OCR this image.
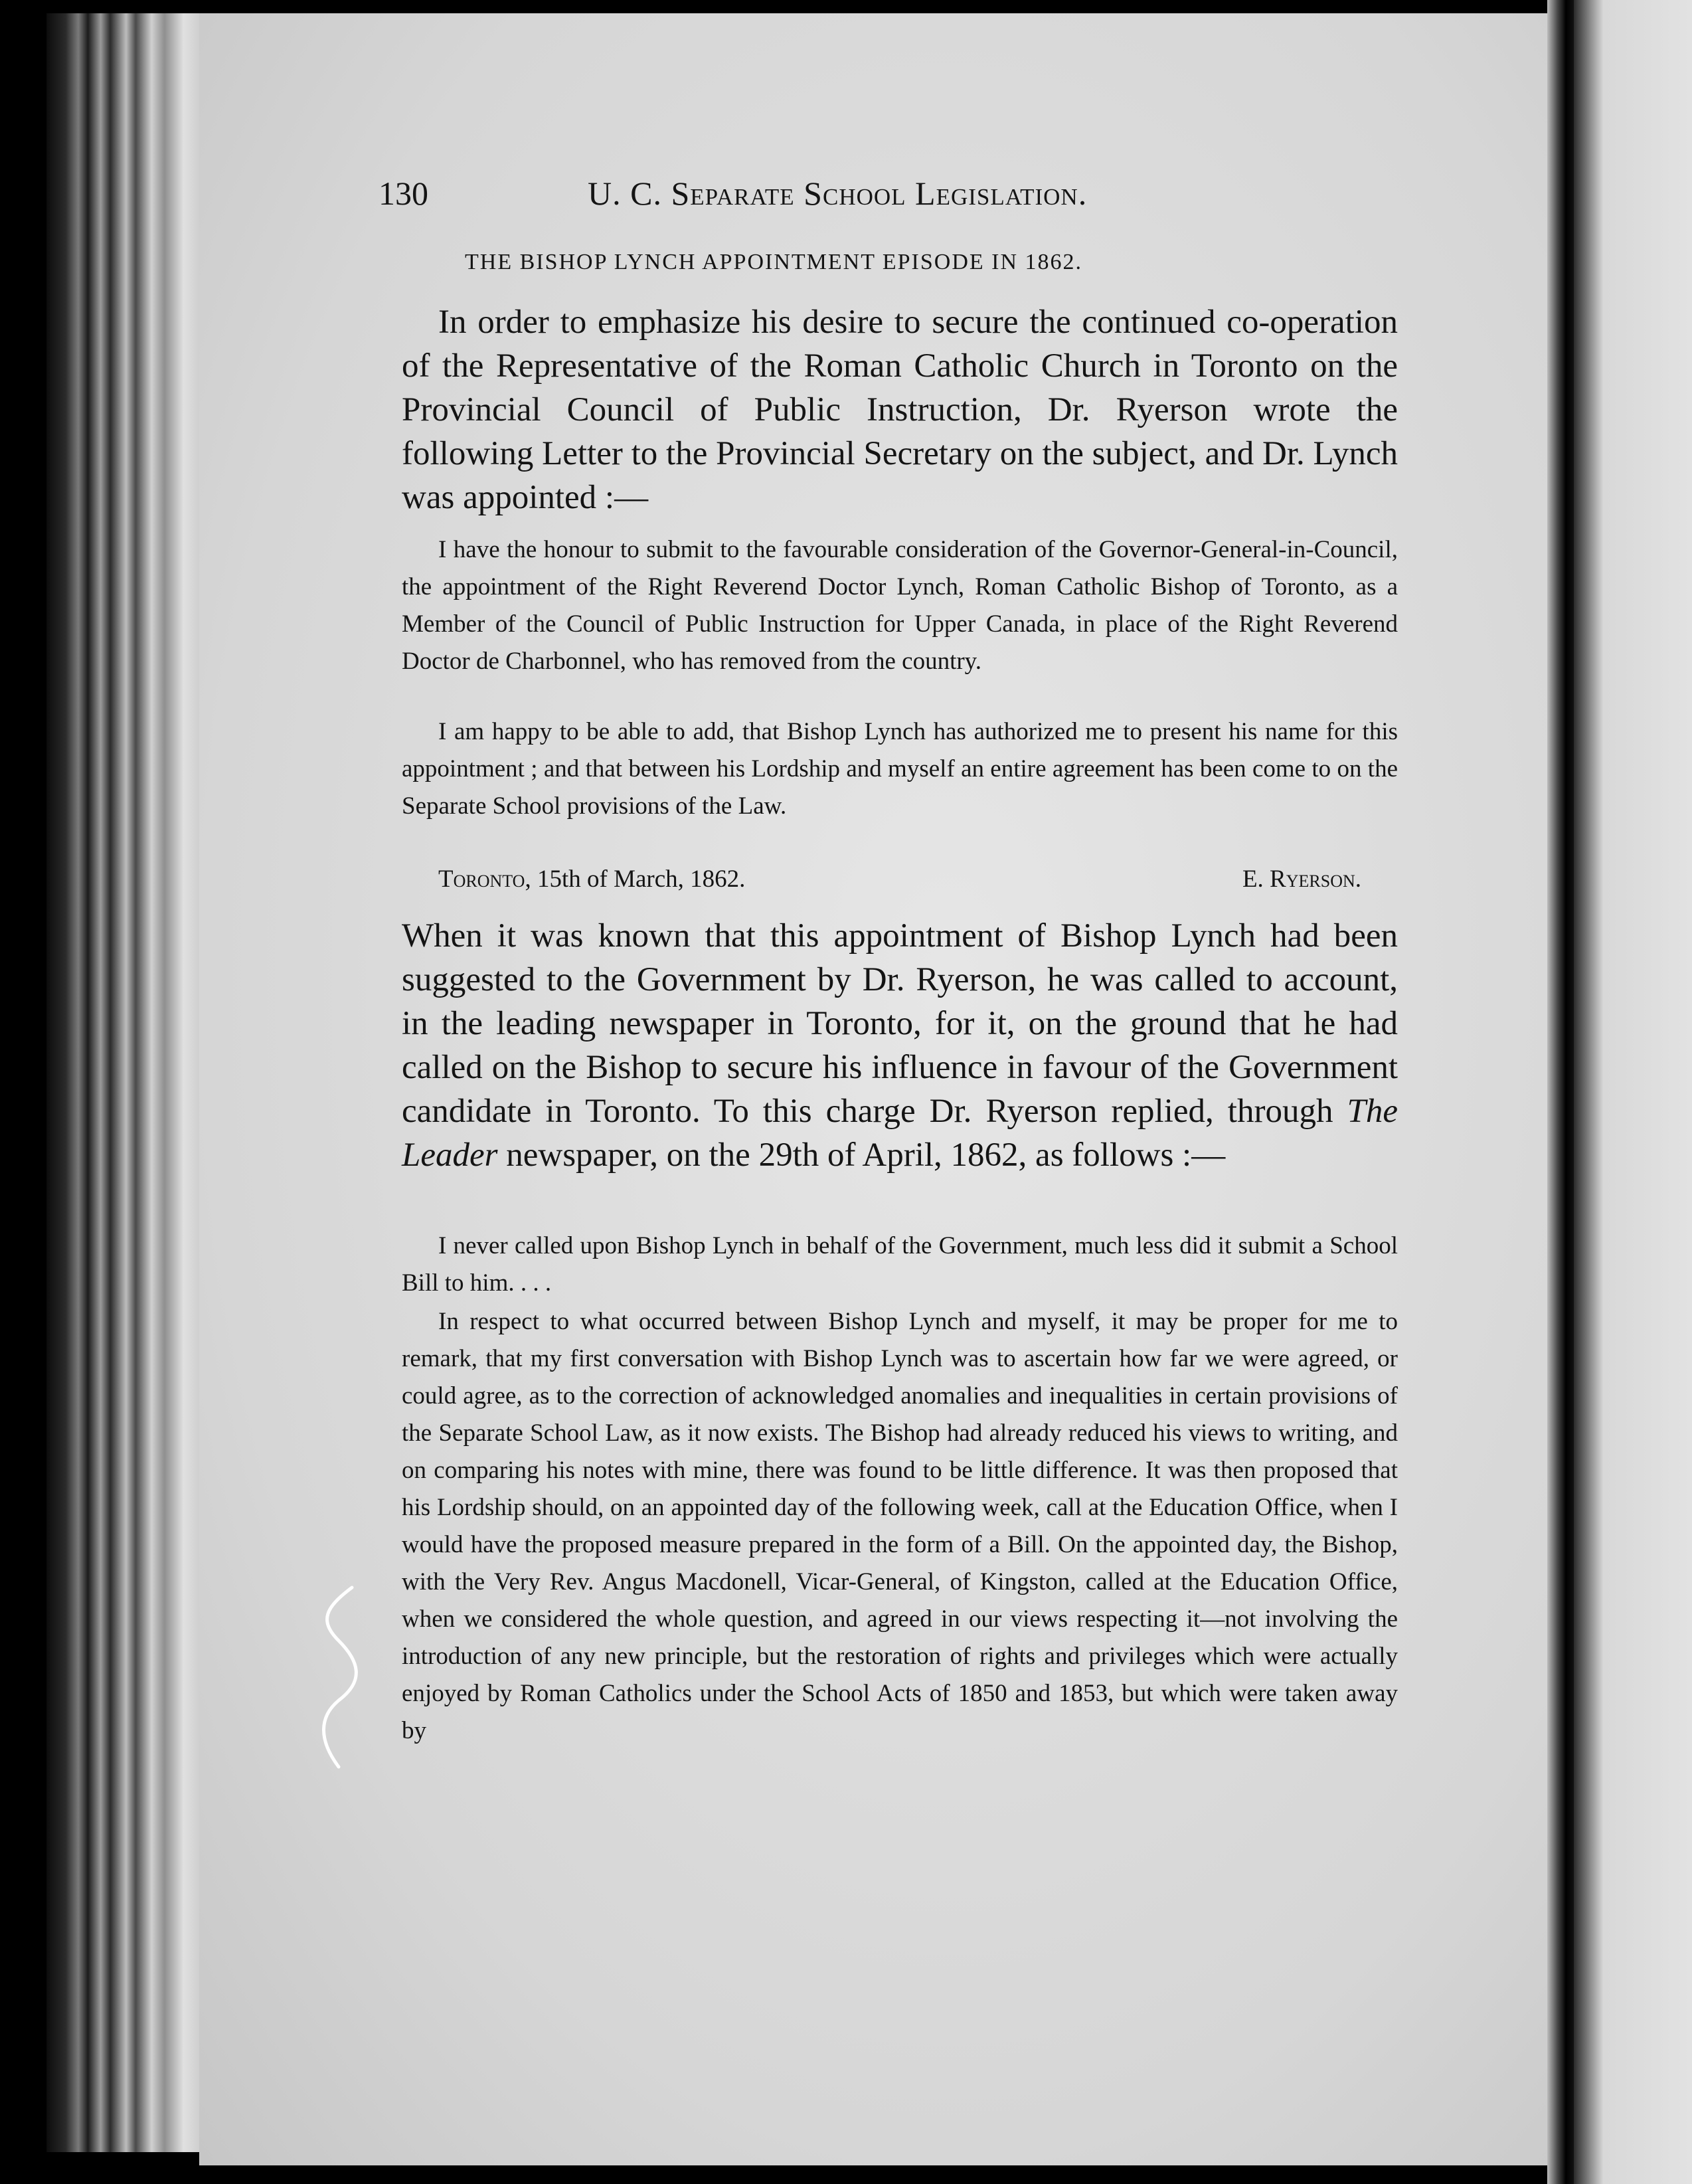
130	U. C. Separate School Legislation.
THE BISHOP LYNCH APPOINTMENT EPISODE IN 1862.
In order to emphasize his desire to secure the continued co-operation of the Representative of the Roman Catholic Church in Toronto on the Provincial Council of Public Instruction, Dr. Ryerson wrote the following Letter to the Provincial Secretary on the subject, and Dr. Lynch was appointed :—
I have the honour to submit to the favourable consideration of the Governor-General-in-Council, the appointment of the Right Reverend Doctor Lynch, Roman Catholic Bishop of Toronto, as a Member of the Council of Public Instruction for Upper Canada, in place of the Right Reverend Doctor de Charbonnel, who has removed from the country.
I am happy to be able to add, that Bishop Lynch has authorized me to present his name for this appointment ; and that between his Lordship and myself an entire agreement has been come to on the Separate School provisions of the Law.
Toronto, 15th of March, 1862.	E. Ryerson.
When it was known that this appointment of Bishop Lynch had been suggested to the Government by Dr. Ryerson, he was called to account, in the leading newspaper in Toronto, for it, on the ground that he had called on the Bishop to secure his influence in favour of the Government candidate in Toronto. To this charge Dr. Ryerson replied, through The Leader newspaper, on the 29th of April, 1862, as follows :—
I never called upon Bishop Lynch in behalf of the Government, much less did it submit a School Bill to him. . . .
In respect to what occurred between Bishop Lynch and myself, it may be proper for me to remark, that my first conversation with Bishop Lynch was to ascertain how far we were agreed, or could agree, as to the correction of acknowledged anomalies and inequalities in certain provisions of the Separate School Law, as it now exists. The Bishop had already reduced his views to writing, and on comparing his notes with mine, there was found to be little difference. It was then proposed that his Lordship should, on an appointed day of the following week, call at the Education Office, when I would have the proposed measure prepared in the form of a Bill. On the appointed day, the Bishop, with the Very Rev. Angus Macdonell, Vicar-General, of Kingston, called at the Education Office, when we considered the whole question, and agreed in our views respecting it—not involving the introduction of any new principle, but the restoration of rights and privileges which were actually enjoyed by Roman Catholics under the School Acts of 1850 and 1853, but which were taken away by
